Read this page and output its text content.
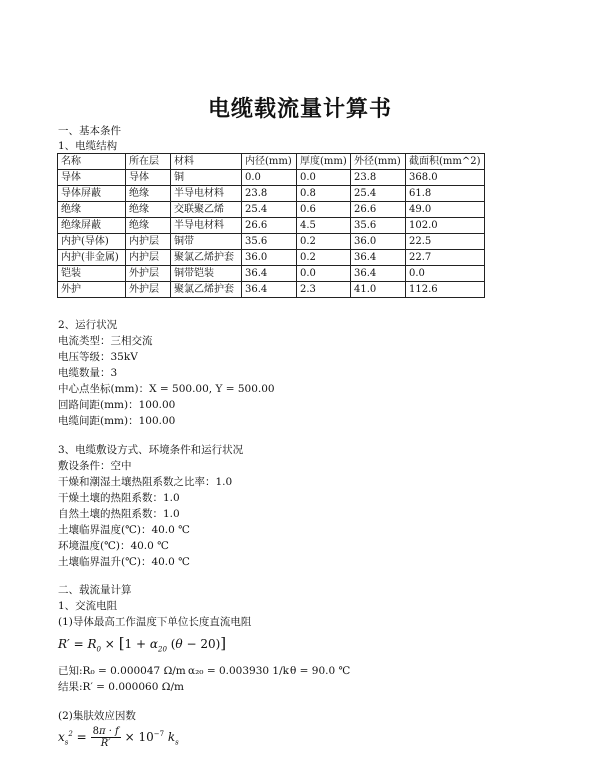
电缆载流量计算书
一、基本条件
1、电缆结构
名称	所在层	材料	内径(mm)	厚度(mm)	外径(mm)	截面积(mm^2)
导体	导体	铜	0.0	0.0	23.8	368.0
导体屏蔽	绝缘	半导电材料	23.8	0.8	25.4	61.8
绝缘	绝缘	交联聚乙烯	25.4	0.6	26.6	49.0
绝缘屏蔽	绝缘	半导电材料	26.6	4.5	35.6	102.0
内护(导体)	内护层	铜带	35.6	0.2	36.0	22.5
内护(非金属)	内护层	聚氯乙烯护套	36.0	0.2	36.4	22.7
铠装	外护层	铜带铠装	36.4	0.0	36.4	0.0
外护	外护层	聚氯乙烯护套	36.4	2.3	41.0	112.6
2、运行状况
电流类型：三相交流
电压等级：35kV
电缆数量：3
中心点坐标(mm)：X = 500.00, Y = 500.00
回路间距(mm)：100.00
电缆间距(mm)：100.00
3、电缆敷设方式、环境条件和运行状况
敷设条件：空中
干燥和潮湿土壤热阻系数之比率：1.0
干燥土壤的热阻系数：1.0
自然土壤的热阻系数：1.0
土壤临界温度(℃)：40.0 ℃
环境温度(℃)：40.0 ℃
土壤临界温升(℃)：40.0 ℃
二、载流量计算
1、交流电阻
(1)导体最高工作温度下单位长度直流电阻
$R' = R_0 \times [1 + \alpha_{20}$ (θ − 20)]
已知:R₀ = 0.000047 Ω/m α₂₀ = 0.003930 1/k θ = 90.0 ℃
结果:R′ = 0.000060 Ω/m
(2)集肤效应因数
$x_s^2 = \frac{8\pi \cdot f}{R'} \times 10^{-7}$ $k_s$
